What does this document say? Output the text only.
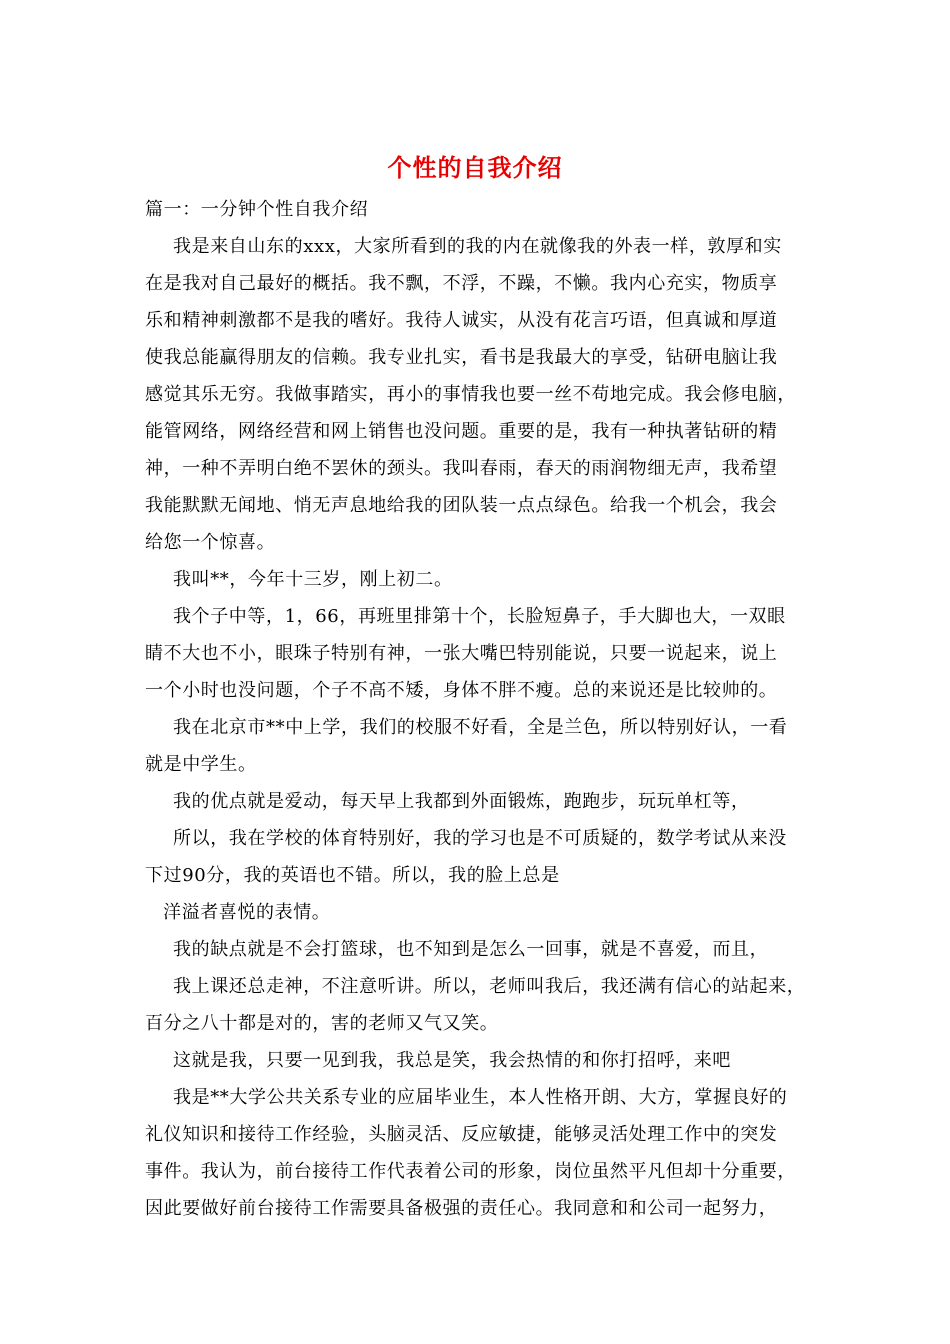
个性的自我介绍
篇一：一分钟个性自我介绍
我是来自山东的xxx，大家所看到的我的内在就像我的外表一样，敦厚和实
在是我对自己最好的概括。我不飘，不浮，不躁，不懒。我内心充实，物质享
乐和精神刺激都不是我的嗜好。我待人诚实，从没有花言巧语，但真诚和厚道
使我总能赢得朋友的信赖。我专业扎实，看书是我最大的享受，钻研电脑让我
感觉其乐无穷。我做事踏实，再小的事情我也要一丝不苟地完成。我会修电脑，
能管网络，网络经营和网上销售也没问题。重要的是，我有一种执著钻研的精
神，一种不弄明白绝不罢休的颈头。我叫春雨，春天的雨润物细无声，我希望
我能默默无闻地、悄无声息地给我的团队装一点点绿色。给我一个机会，我会
给您一个惊喜。
我叫**，今年十三岁，刚上初二。
我个子中等，1，66，再班里排第十个，长脸短鼻子，手大脚也大，一双眼
睛不大也不小，眼珠子特别有神，一张大嘴巴特别能说，只要一说起来，说上
一个小时也没问题，个子不高不矮，身体不胖不瘦。总的来说还是比较帅的。
我在北京市**中上学，我们的校服不好看，全是兰色，所以特别好认，一看
就是中学生。
我的优点就是爱动，每天早上我都到外面锻炼，跑跑步，玩玩单杠等，
所以，我在学校的体育特别好，我的学习也是不可质疑的，数学考试从来没
下过90分，我的英语也不错。所以，我的脸上总是
洋溢者喜悦的表情。
我的缺点就是不会打篮球，也不知到是怎么一回事，就是不喜爱，而且，
我上课还总走神，不注意听讲。所以，老师叫我后，我还满有信心的站起来，
百分之八十都是对的，害的老师又气又笑。
这就是我，只要一见到我，我总是笑，我会热情的和你打招呼，来吧
我是**大学公共关系专业的应届毕业生，本人性格开朗、大方，掌握良好的
礼仪知识和接待工作经验，头脑灵活、反应敏捷，能够灵活处理工作中的突发
事件。我认为，前台接待工作代表着公司的形象，岗位虽然平凡但却十分重要，
因此要做好前台接待工作需要具备极强的责任心。我同意和和公司一起努力，
